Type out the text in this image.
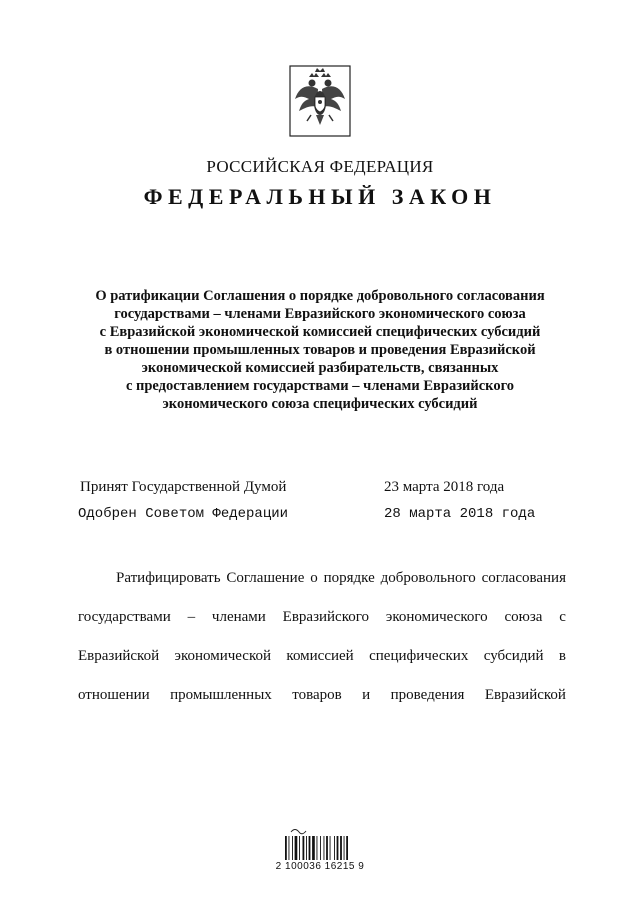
РОССИЙСКАЯ ФЕДЕРАЦИЯ
ФЕДЕРАЛЬНЫЙ ЗАКОН
О ратификации Соглашения о порядке добровольного согласования
государствами – членами Евразийского экономического союза
с Евразийской экономической комиссией специфических субсидий
в отношении промышленных товаров и проведения Евразийской
экономической комиссией разбирательств, связанных
с предоставлением государствами – членами Евразийского
экономического союза специфических субсидий
Принят Государственной Думой	23 марта 2018 года
Одобрен Советом Федерации	28 марта 2018 года
Ратифицировать Соглашение о порядке добровольного согласования
государствами – членами Евразийского экономического союза с
Евразийской экономической комиссией специфических субсидий в
отношении промышленных товаров и проведения Евразийской
2 100036 16215 9
